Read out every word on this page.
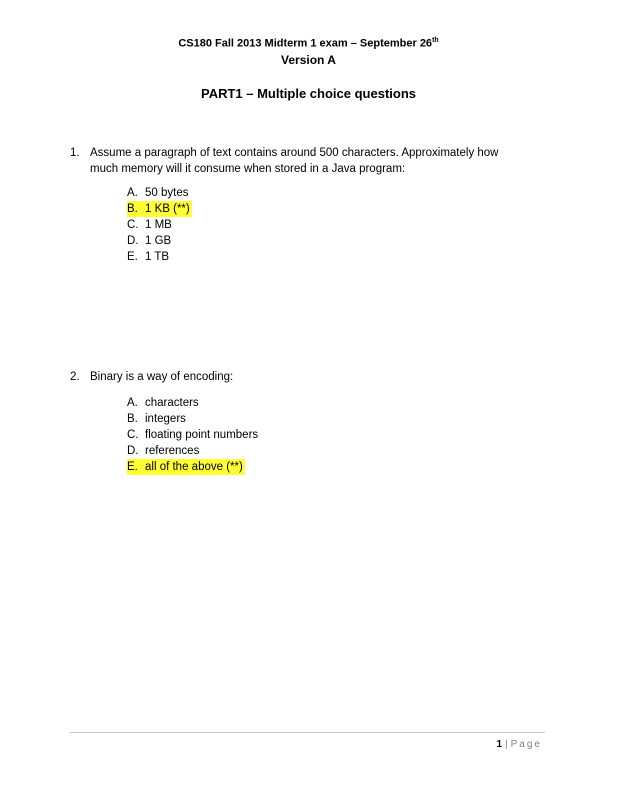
CS180 Fall 2013 Midterm 1 exam – September 26th
Version A
PART1 – Multiple choice questions
1. Assume a paragraph of text contains around 500 characters. Approximately how
much memory will it consume when stored in a Java program:
A. 50 bytes
B. 1 KB (**)
C. 1 MB
D. 1 GB
E. 1 TB
2. Binary is a way of encoding:
A. characters
B. integers
C. floating point numbers
D. references
E. all of the above (**)
1 | Page
